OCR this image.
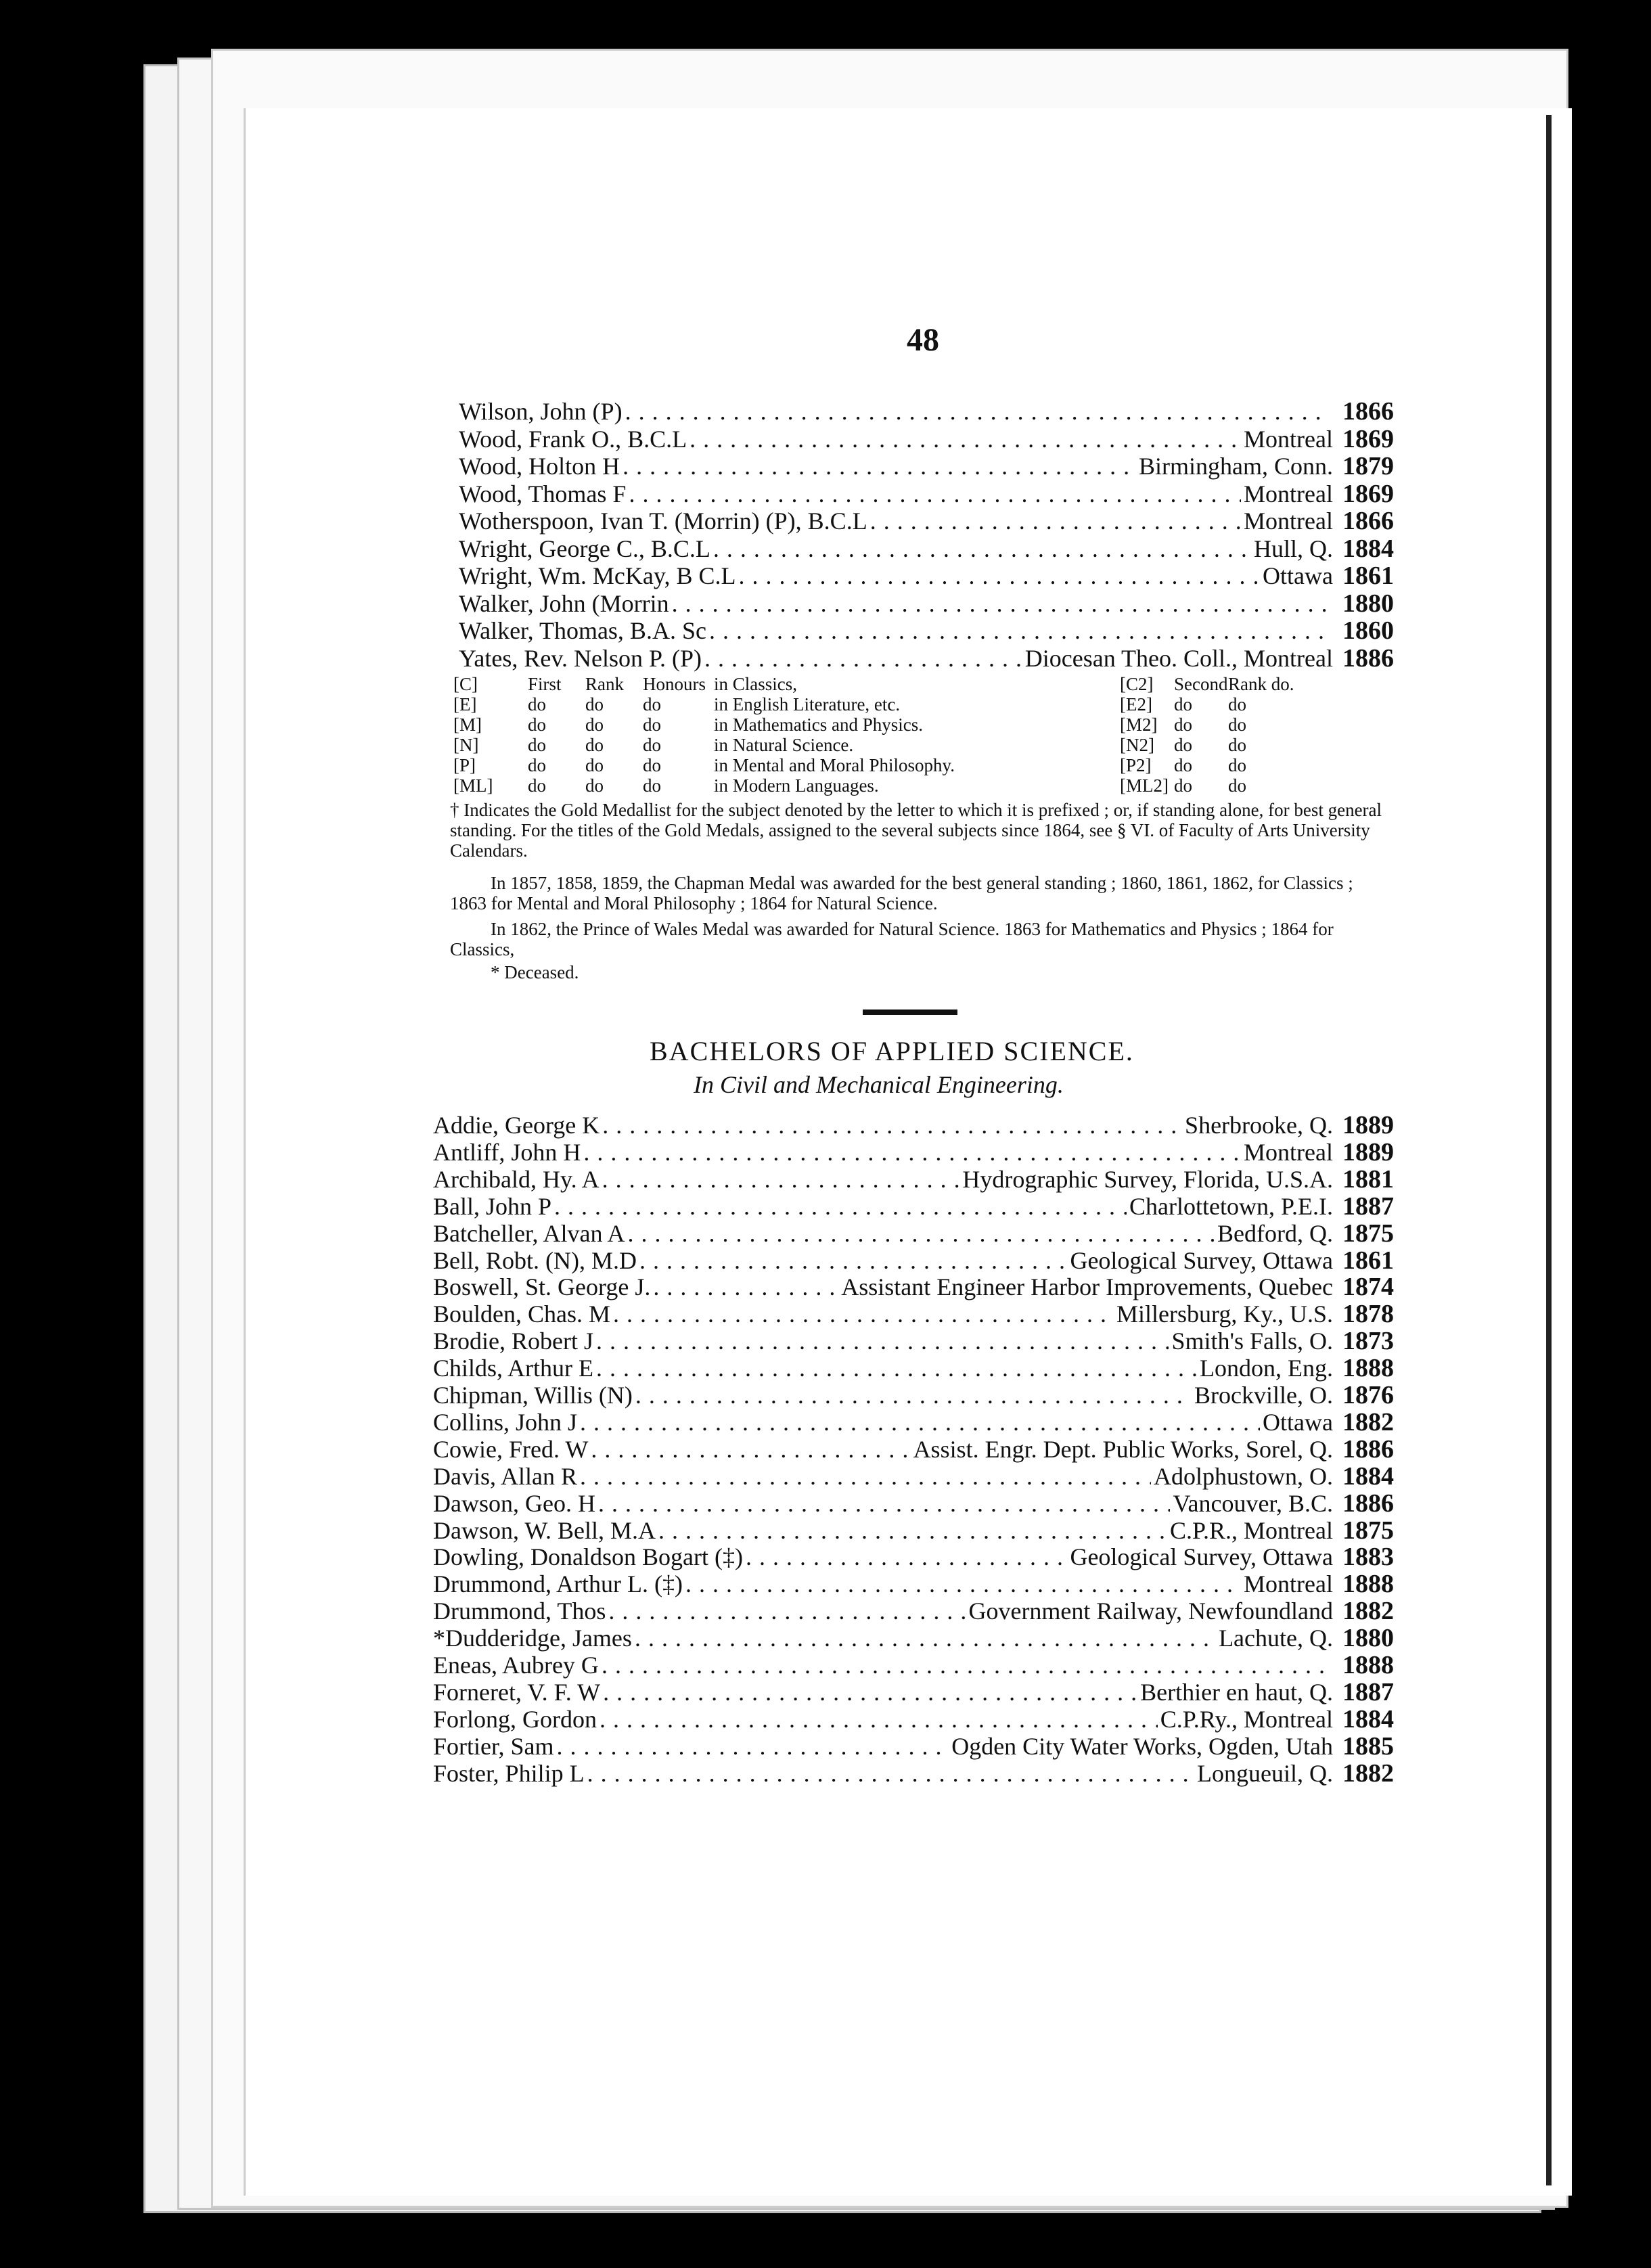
48
Wilson, John (P) . . .	1866
Wood, Frank O., B.C.L . . .	Montreal 1869
Wood, Holton H . . .	Birmingham, Conn. 1879
Wood, Thomas F . . .	Montreal 1869
Wotherspoon, Ivan T. (Morrin) (P), B.C.L . . .	Montreal 1866
Wright, George C., B.C.L . . .	Hull, Q. 1884
Wright, Wm. McKay, B C.L . . .	Ottawa 1861
Walker, John (Morrin . . .	1880
Walker, Thomas, B.A. Sc . . .	1860
Yates, Rev. Nelson P. (P) . . .	Diocesan Theo. Coll., Montreal 1886
[C]	First	Rank	Honours in Classics,	[C2]	Second Rank do.
[E]	do	do	do	in English Literature, etc.	[E2]	do	do
[M]	do	do	do	in Mathematics and Physics.	[M2] do	do
[N]	do	do	do	in Natural Science.	[N2]	do	do
[P]	do	do	do	in Mental and Moral Philosophy.	[P2]	do	do
[ML]	do	do	do	in Modern Languages.	[ML2] do	do
† Indicates the Gold Medallist for the subject denoted by the letter to which it is prefixed ; or, if standing alone, for best general standing. For the titles of the Gold Medals, assigned to the several subjects since 1864, see § VI. of Faculty of Arts University Calendars.
In 1857, 1858, 1859, the Chapman Medal was awarded for the best general standing ; 1860, 1861, 1862, for Classics ; 1863 for Mental and Moral Philosophy ; 1864 for Natural Science.
In 1862, the Prince of Wales Medal was awarded for Natural Science. 1863 for Mathematics and Physics ; 1864 for Classics,
* Deceased.
BACHELORS OF APPLIED SCIENCE.
In Civil and Mechanical Engineering.
Addie, George K . . .	Sherbrooke, Q. 1889
Antliff, John H . . .	Montreal 1889
Archibald, Hy. A . . .	Hydrographic Survey, Florida, U.S.A. 1881
Ball, John P . . .	Charlottetown, P.E.I. 1887
Batcheller, Alvan A . . .	Bedford, Q. 1875
Bell, Robt. (N), M.D . . .	Geological Survey, Ottawa 1861
Boswell, St. George J. . . .	Assistant Engineer Harbor Improvements, Quebec 1874
Boulden, Chas. M . . .	Millersburg, Ky., U.S. 1878
Brodie, Robert J . . .	Smith's Falls, O. 1873
Childs, Arthur E . . .	London, Eng. 1888
Chipman, Willis (N) . . .	Brockville, O. 1876
Collins, John J . . .	Ottawa 1882
Cowie, Fred. W . . .	Assist. Engr. Dept. Public Works, Sorel, Q. 1886
Davis, Allan R . . .	Adolphustown, O. 1884
Dawson, Geo. H . . .	Vancouver, B.C. 1886
Dawson, W. Bell, M.A . . .	C.P.R., Montreal 1875
Dowling, Donaldson Bogart (‡) . . .	Geological Survey, Ottawa 1883
Drummond, Arthur L. (‡) . . .	Montreal 1888
Drummond, Thos . . .	Government Railway, Newfoundland 1882
*Dudderidge, James . . .	Lachute, Q. 1880
Eneas, Aubrey G . . .	1888
Forneret, V. F. W . . .	Berthier en haut, Q. 1887
Forlong, Gordon . . .	C.P.Ry., Montreal 1884
Fortier, Sam . . .	Ogden City Water Works, Ogden, Utah 1885
Foster, Philip L . . .	Longueuil, Q. 1882
